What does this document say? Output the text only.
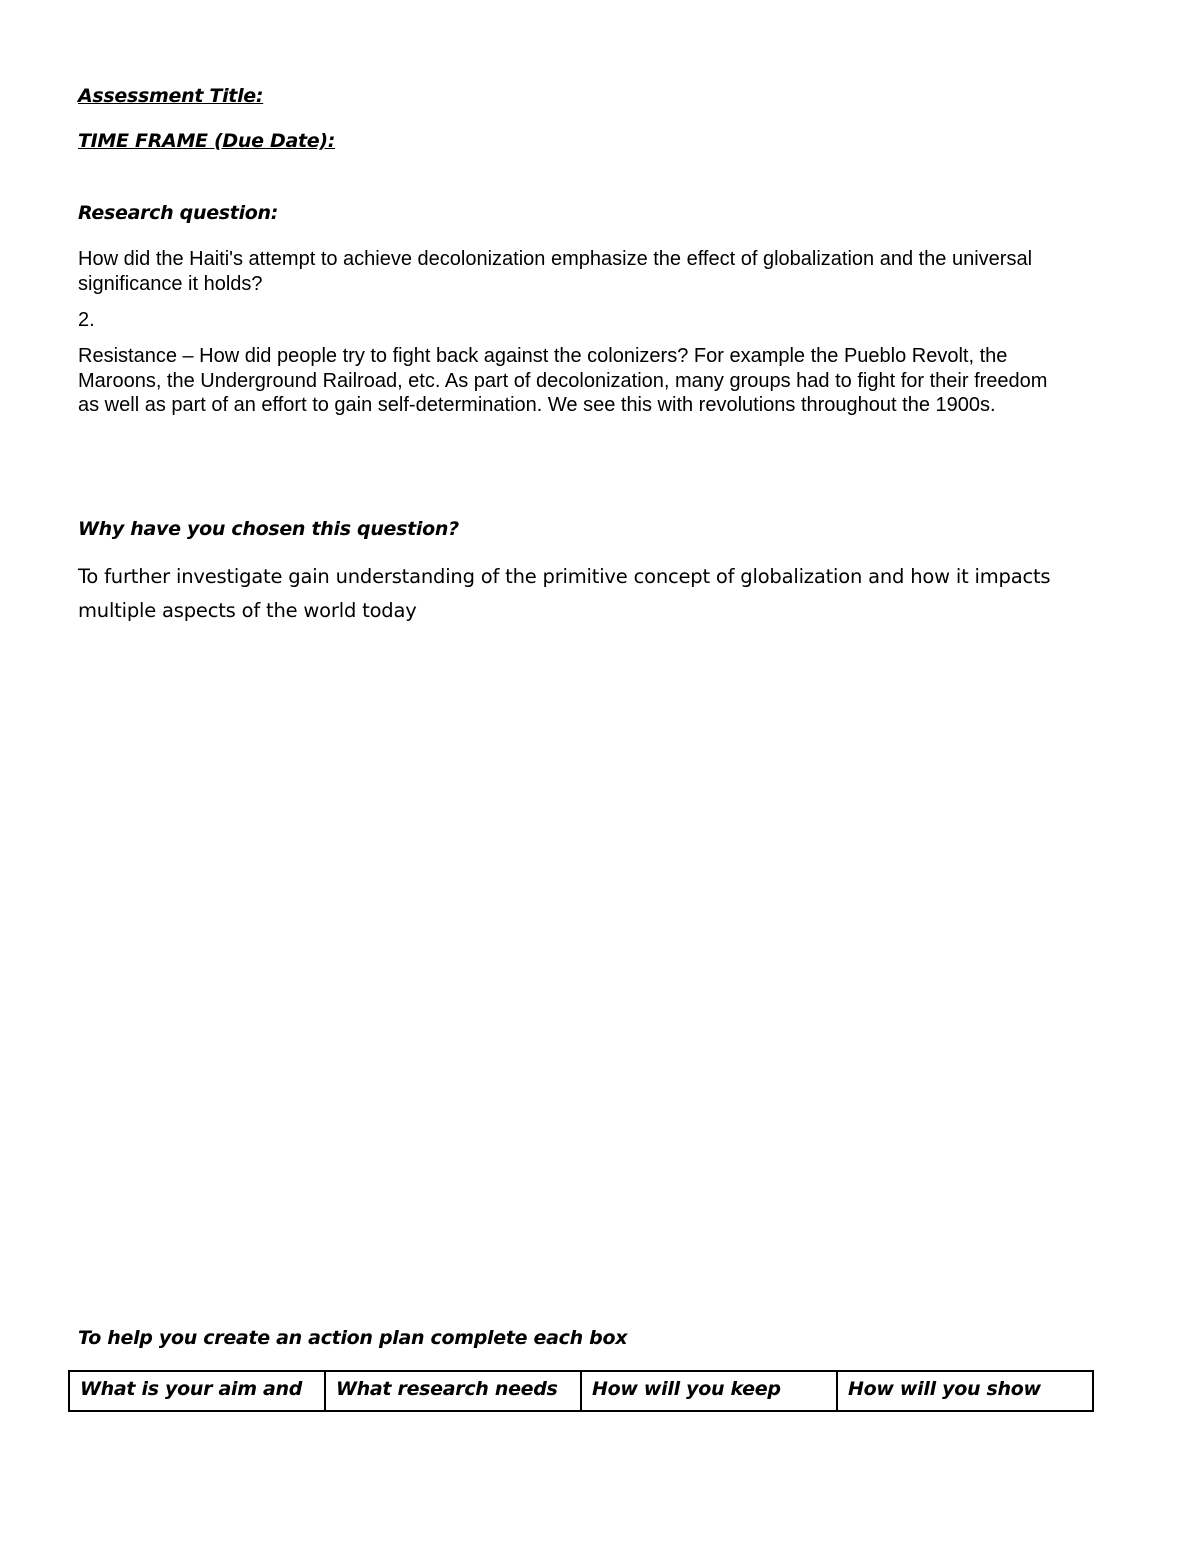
Assessment Title:
TIME FRAME (Due Date):
Research question:
How did the Haiti's attempt to achieve decolonization emphasize the effect of globalization and the universal significance it holds?
2.
Resistance – How did people try to fight back against the colonizers? For example the Pueblo Revolt, the Maroons, the Underground Railroad, etc. As part of decolonization, many groups had to fight for their freedom as well as part of an effort to gain self-determination. We see this with revolutions throughout the 1900s.
Why have you chosen this question?
To further investigate gain understanding of the primitive concept of globalization and how it impacts multiple aspects of the world today
To help you create an action plan complete each box
What is your aim and	What research needs	How will you keep	How will you show
